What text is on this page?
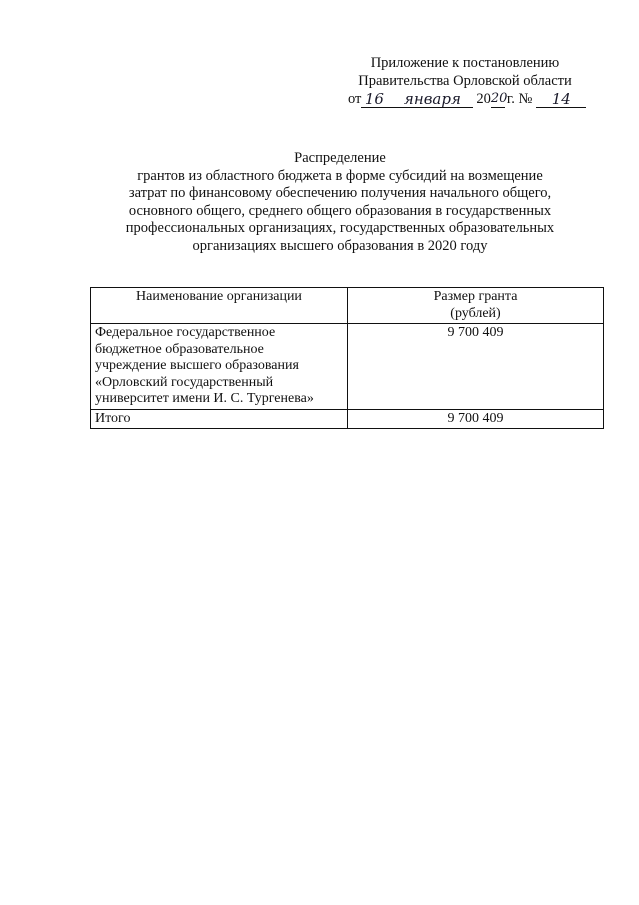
Приложение к постановлению
Правительства Орловской области
от 16	января	20 20 г. №	14
Распределение
грантов из областного бюджета в форме субсидий на возмещение
затрат по финансовому обеспечению получения начального общего,
основного общего, среднего общего образования в государственных
профессиональных организациях, государственных образовательных
организациях высшего образования в 2020 году
Наименование организации	Размер гранта
(рублей)

Федеральное государственное
бюджетное образовательное
учреждение высшего образования
«Орловский государственный
университет имени И. С. Тургенева»	9 700 409
Итого	9 700 409
